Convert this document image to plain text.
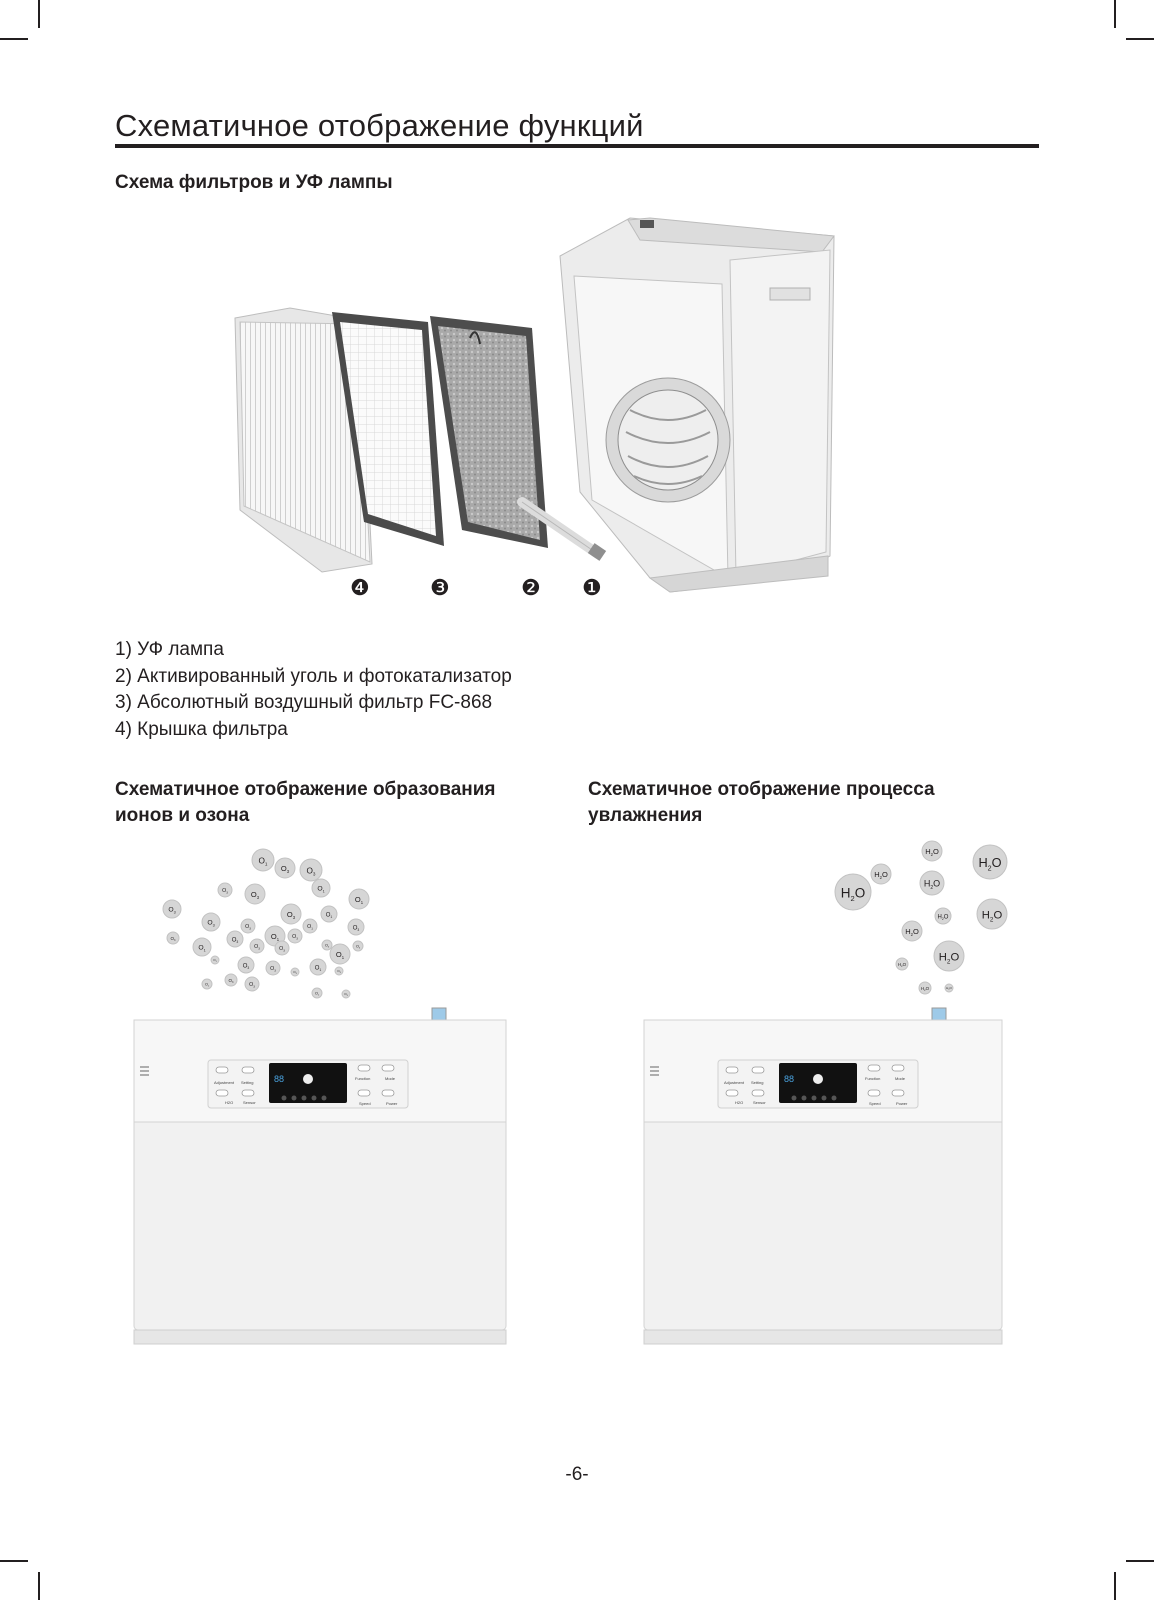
Схематичное отображение функций
Схема фильтров и УФ лампы
❹	❸	❷ ❶
1) УФ лампа
2) Активированный уголь и фотокатализатор
3) Абсолютный воздушный фильтр FC-868
4) Крышка фильтра
Схематичное отображение образования
ионов и озона
Схематичное отображение процесса
увлажнения
$O_1$ $O_3$ $O_3$
$O_1$
$O_3$	$O_3$	$O_1$
$O_3$	$O_3$	$O_1$
$O_3$	$O_3$	$O_1$	$O_3$
$O_3$	$O_1$ $O_3$
$O_3$
$O_1$
$O_3$	$O_3$	$O_1$
$O_3$	$O_3$
$O_1$
$O_3$	$O_3$	$O_1$
$O_3$	$O_3$
$O_1$
$O_3$
$O_3$
$O_1$	$O_3$
$H_2O$
$H_2O$
$H_2O$
$H_2O$
$H_2O$
$H_2O$
$H_2O$
$H_2O$
$H_2O$
$H_2O$
$H_2O$	$H_2O$
88
Adjustment Setting
H2O Sensor
Function	Mode
Speed	Power
88
Adjustment Setting
H2O Sensor
Function	Mode
Speed	Power
-6-
